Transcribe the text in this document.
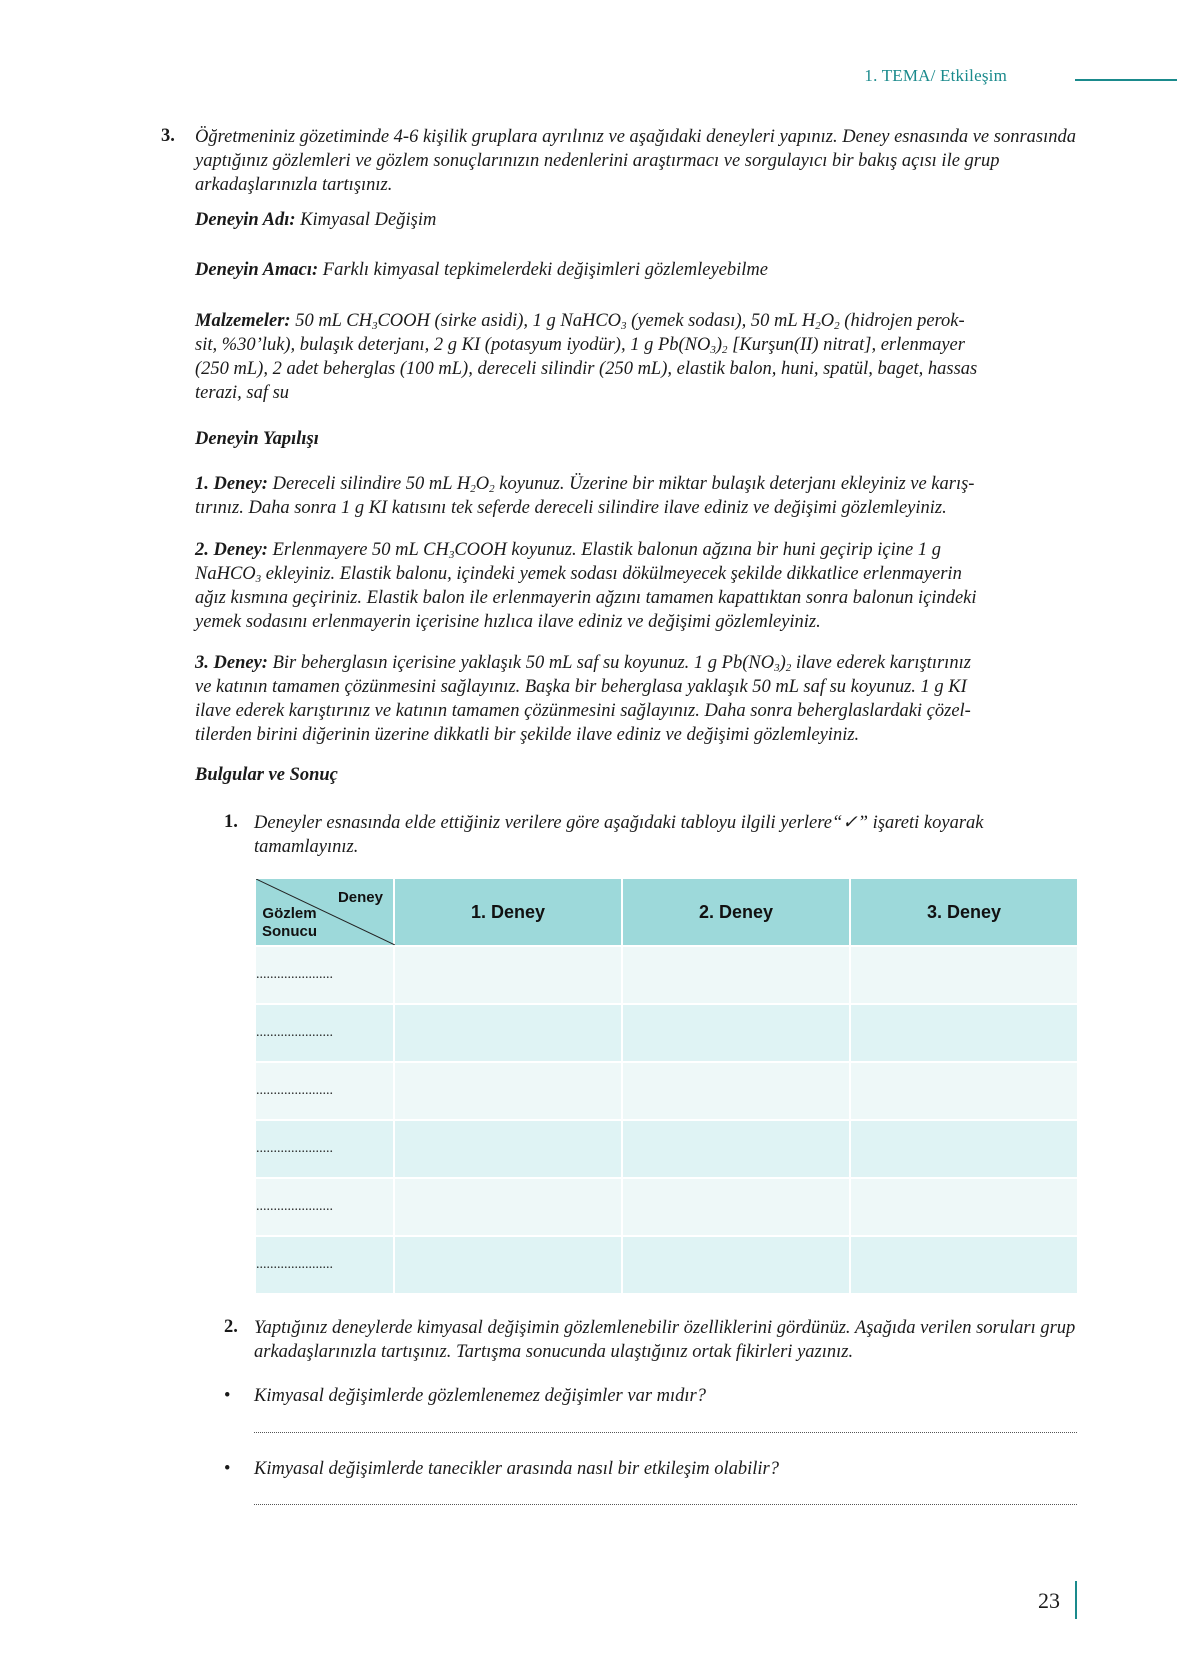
1. TEMA/ Etkileşim
3. Öğretmeniniz gözetiminde 4-6 kişilik gruplara ayrılınız ve aşağıdaki deneyleri yapınız. Deney esnasında ve sonrasında yaptığınız gözlemleri ve gözlem sonuçlarınızın nedenlerini araştırmacı ve sorgulayıcı bir bakış açısı ile grup arkadaşlarınızla tartışınız.
Deneyin Adı: Kimyasal Değişim
Deneyin Amacı: Farklı kimyasal tepkimelerdeki değişimleri gözlemleyebilme
Malzemeler: 50 mL $CH_3COOH$ (sirke asidi), 1 g NaHCO$_3$ (yemek sodası), 50 mL $H_2O_2$ (hidrojen perok-
sit, %30’luk), bulaşık deterjanı, 2 g KI (potasyum iyodür), 1 g $Pb(NO_3)_2$ [Kurşun(II) nitrat], erlenmayer
(250 mL), 2 adet beherglas (100 mL), dereceli silindir (250 mL), elastik balon, huni, spatül, baget, hassas
terazi, saf su
Deneyin Yapılışı
1. Deney: Dereceli silindire 50 mL $H_2O_2$ koyunuz. Üzerine bir miktar bulaşık deterjanı ekleyiniz ve karış-
tırınız. Daha sonra 1 g KI katısını tek seferde dereceli silindire ilave ediniz ve değişimi gözlemleyiniz.
2. Deney: Erlenmayere 50 mL $CH_3COOH$ koyunuz. Elastik balonun ağzına bir huni geçirip içine 1 g
NaHCO$_3$ ekleyiniz. Elastik balonu, içindeki yemek sodası dökülmeyecek şekilde dikkatlice erlenmayerin
ağız kısmına geçiriniz. Elastik balon ile erlenmayerin ağzını tamamen kapattıktan sonra balonun içindeki
yemek sodasını erlenmayerin içerisine hızlıca ilave ediniz ve değişimi gözlemleyiniz.
3. Deney: Bir beherglasın içerisine yaklaşık 50 mL saf su koyunuz. 1 g $Pb(NO_3)_2$ ilave ederek karıştırınız
ve katının tamamen çözünmesini sağlayınız. Başka bir beherglasa yaklaşık 50 mL saf su koyunuz. 1 g KI
ilave ederek karıştırınız ve katının tamamen çözünmesini sağlayınız. Daha sonra beherglaslardaki çözel-
tilerden birini diğerinin üzerine dikkatli bir şekilde ilave ediniz ve değişimi gözlemleyiniz.
Bulgular ve Sonuç
1. Deneyler esnasında elde ettiğiniz verilere göre aşağıdaki tabloyu ilgili yerlere“✓” işareti koyarak tamamlayınız.
Deney
Gözlem
Sonucu	1. Deney	2. Deney	3. Deney
......................			
......................			
......................			
......................			
......................			
......................			
2. Yaptığınız deneylerde kimyasal değişimin gözlemlenebilir özelliklerini gördünüz. Aşağıda verilen soruları grup arkadaşlarınızla tartışınız. Tartışma sonucunda ulaştığınız ortak fikirleri yazınız.
• Kimyasal değişimlerde gözlemlenemez değişimler var mıdır?
• Kimyasal değişimlerde tanecikler arasında nasıl bir etkileşim olabilir?
23
